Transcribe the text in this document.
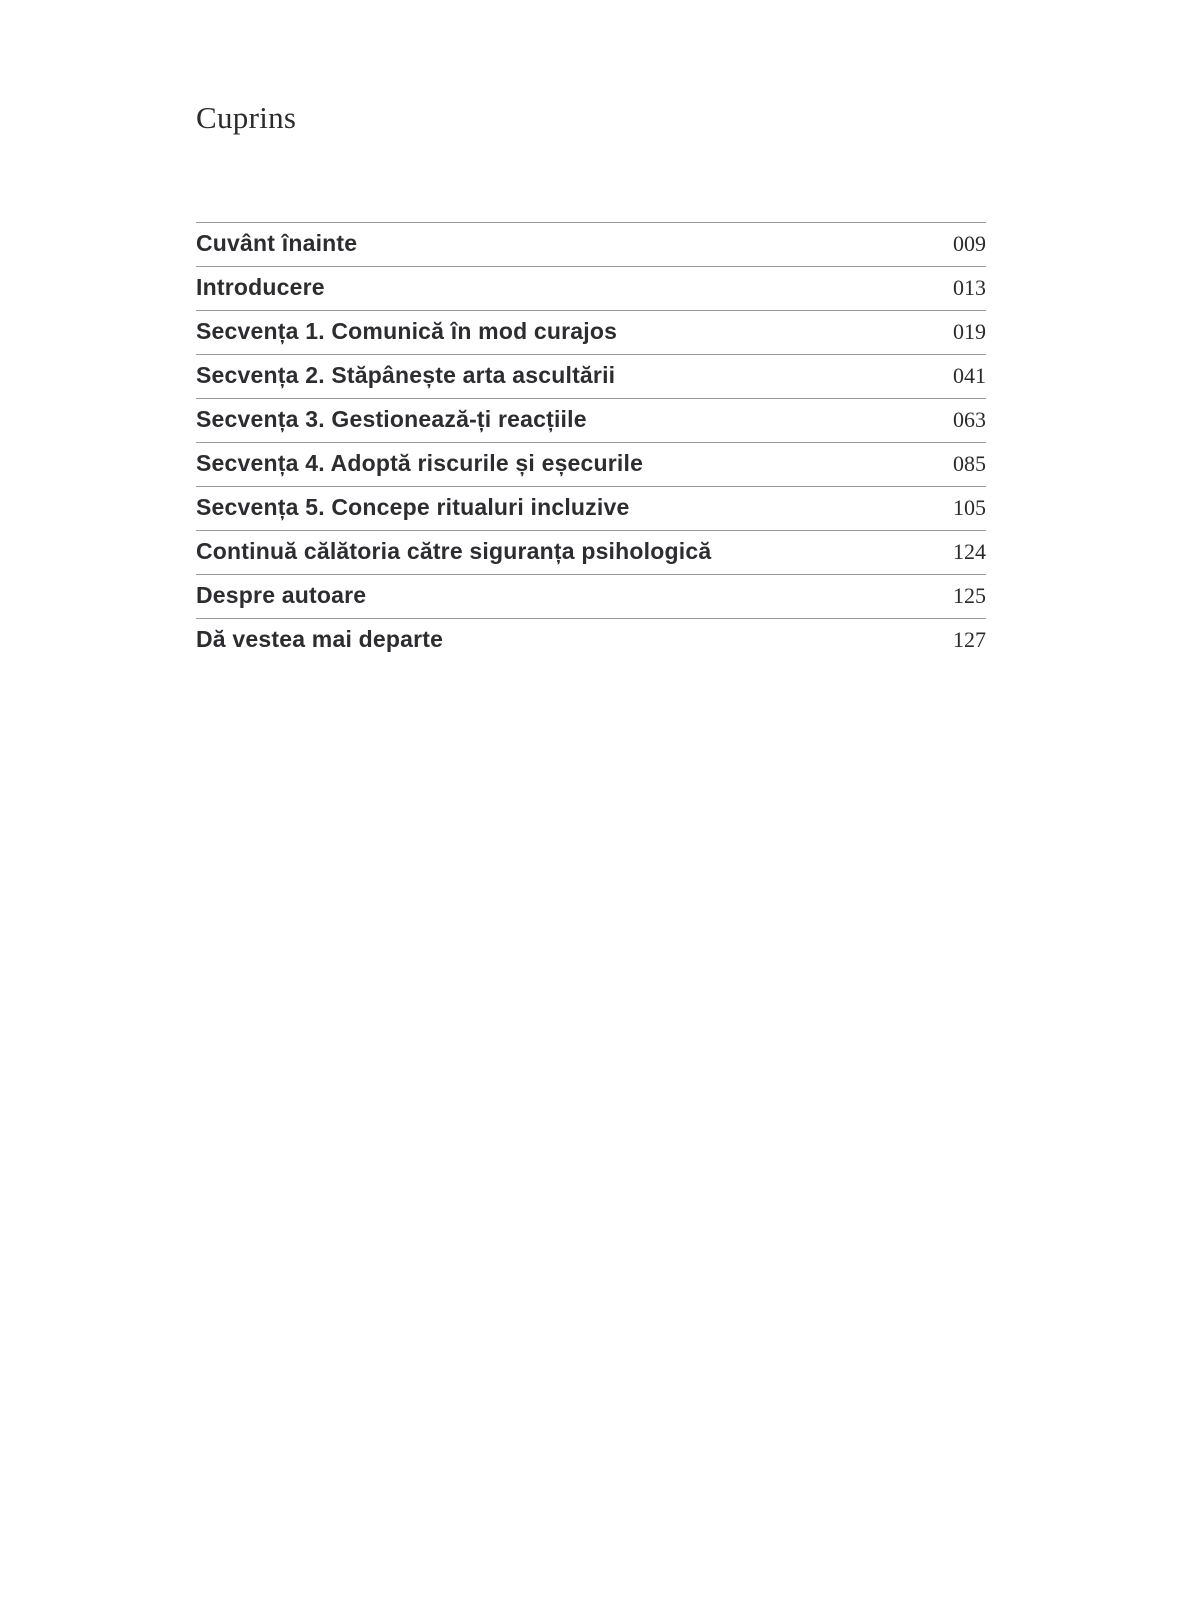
Cuprins
Cuvânt înainte	009
Introducere	013
Secvența 1. Comunică în mod curajos	019
Secvența 2. Stăpânește arta ascultării	041
Secvența 3. Gestionează-ți reacțiile	063
Secvența 4. Adoptă riscurile și eșecurile	085
Secvența 5. Concepe ritualuri incluzive	105
Continuă călătoria către siguranța psihologică	124
Despre autoare	125
Dă vestea mai departe	127
